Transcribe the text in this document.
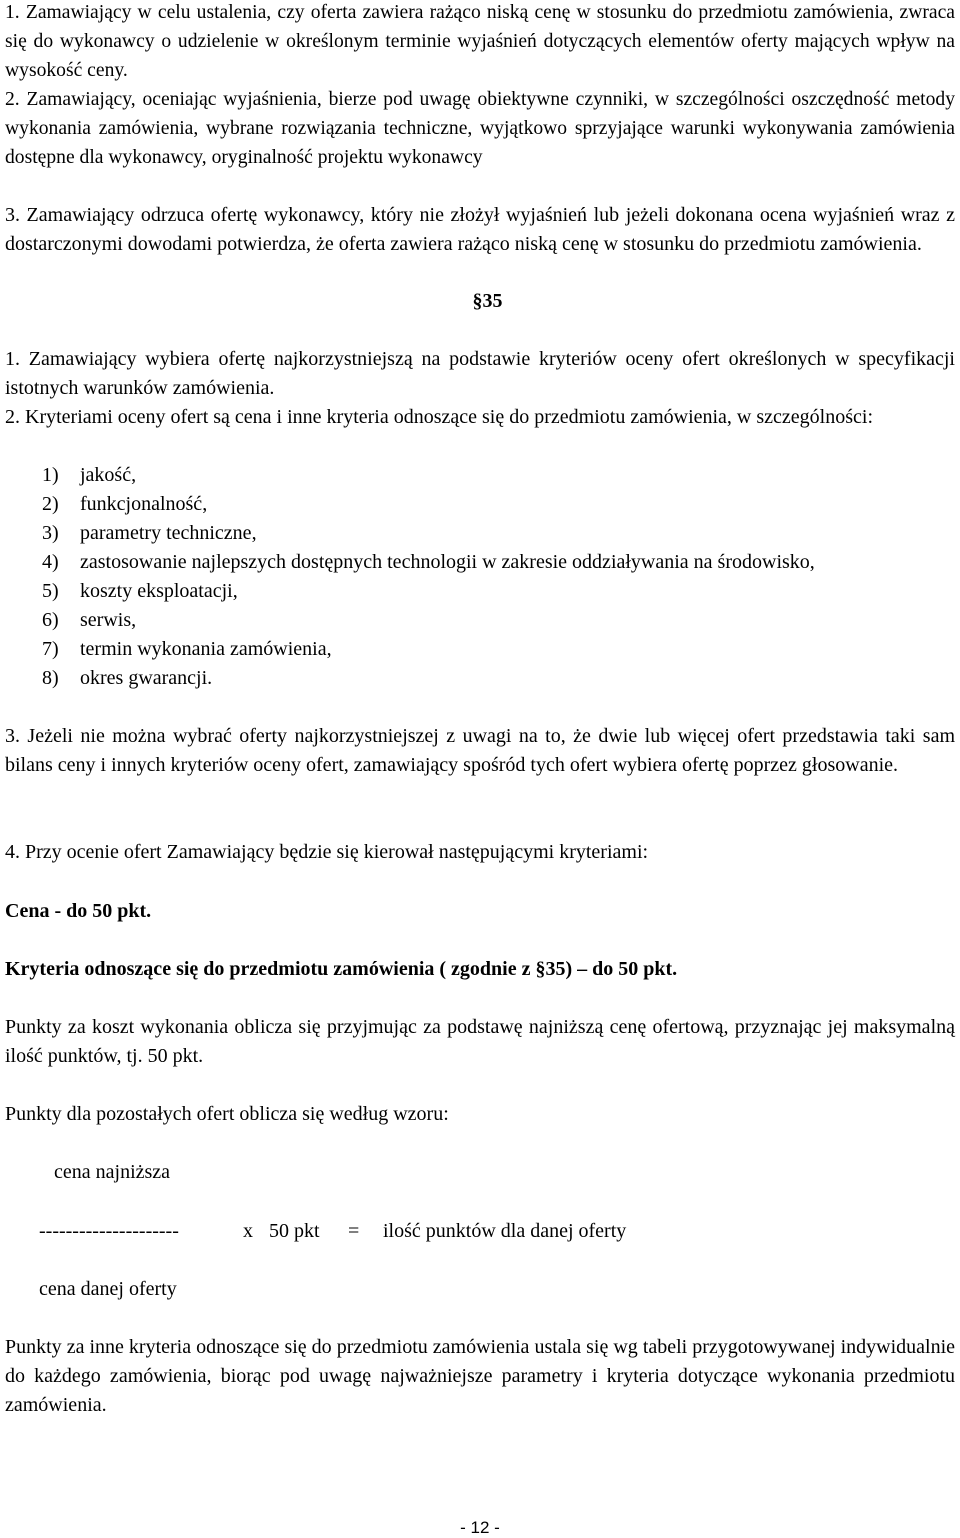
1. Zamawiający w celu ustalenia, czy oferta zawiera rażąco niską cenę w stosunku do przedmiotu zamówienia, zwraca się do wykonawcy o udzielenie w określonym terminie wyjaśnień dotyczących elementów oferty mających wpływ na wysokość ceny.

2. Zamawiający, oceniając wyjaśnienia, bierze pod uwagę obiektywne czynniki, w szczególności oszczędność metody wykonania zamówienia, wybrane rozwiązania techniczne, wyjątkowo sprzyjające warunki wykonywania zamówienia dostępne dla wykonawcy, oryginalność projektu wykonawcy

3. Zamawiający odrzuca ofertę wykonawcy, który nie złożył wyjaśnień lub jeżeli dokonana ocena wyjaśnień wraz z dostarczonymi dowodami potwierdza, że oferta zawiera rażąco niską cenę w stosunku do przedmiotu zamówienia.

§35

1. Zamawiający wybiera ofertę najkorzystniejszą na podstawie kryteriów oceny ofert określonych w specyfikacji istotnych warunków zamówienia.

2. Kryteriami oceny ofert są cena i inne kryteria odnoszące się do przedmiotu zamówienia, w szczególności:

1) jakość,
2) funkcjonalność,
3) parametry techniczne,
4) zastosowanie najlepszych dostępnych technologii w zakresie oddziaływania na środowisko,
5) koszty eksploatacji,
6) serwis,
7) termin wykonania zamówienia,
8) okres gwarancji.

3. Jeżeli nie można wybrać oferty najkorzystniejszej z uwagi na to, że dwie lub więcej ofert przedstawia taki sam bilans ceny i innych kryteriów oceny ofert, zamawiający spośród tych ofert wybiera ofertę poprzez głosowanie.

4. Przy ocenie ofert Zamawiający będzie się kierował następującymi kryteriami:

Cena - do 50 pkt.

Kryteria odnoszące się do przedmiotu zamówienia ( zgodnie z §35) – do 50 pkt.

Punkty za koszt wykonania oblicza się przyjmując za podstawę najniższą cenę ofertową, przyznając jej maksymalną ilość punktów, tj. 50 pkt.

Punkty dla pozostałych ofert oblicza się według wzoru:

cena najniższa
---------------------	x 50 pkt = ilość punktów dla danej oferty
cena danej oferty

Punkty za inne kryteria odnoszące się do przedmiotu zamówienia ustala się wg tabeli przygotowywanej indywidualnie do każdego zamówienia, biorąc pod uwagę najważniejsze parametry i kryteria dotyczące wykonania przedmiotu zamówienia.

- 12 -
